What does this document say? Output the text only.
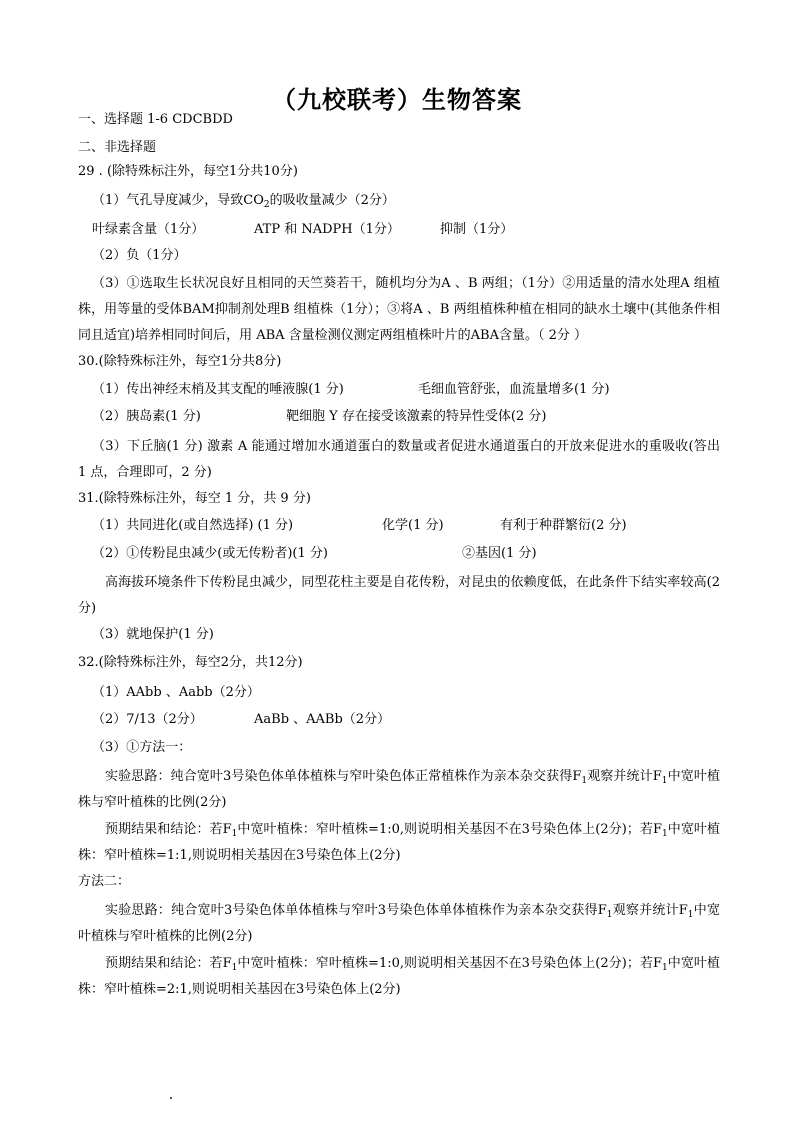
（九校联考）生物答案
一、选择题 1-6 CDCBDD
二、非选择题
29 . (除特殊标注外，每空1分共10分)
（1）气孔导度减少，导致$CO_2$的吸收量减少（2分）
叶绿素含量（1分）	ATP 和 NADPH（1分）	抑制（1分）
（2）负（1分）
（3）①选取生长状况良好且相同的天竺葵若干，随机均分为A 、B 两组；（1分）②用适量的清水处理A 组植株，用等量的受体BAM抑制剂处理B 组植株（1分）；③将A 、B 两组植株种植在相同的缺水土壤中(其他条件相同且适宜)培养相同时间后，用 ABA 含量检测仪测定两组植株叶片的ABA含量。（ 2分 ）
30.(除特殊标注外，每空1分共8分)
（1）传出神经末梢及其支配的唾液腺(1 分)	毛细血管舒张，血流量增多(1 分)
（2）胰岛素(1 分)	靶细胞 Y 存在接受该激素的特异性受体(2 分)
（3）下丘脑(1 分) 激素 A 能通过增加水通道蛋白的数量或者促进水通道蛋白的开放来促进水的重吸收(答出 1 点，合理即可，2 分)
31.(除特殊标注外，每空 1 分，共 9 分)
（1）共同进化(或自然选择) (1 分)	化学(1 分)	有利于种群繁衍(2 分)
（2）①传粉昆虫减少(或无传粉者)(1 分)	②基因(1 分)
高海拔环境条件下传粉昆虫减少，同型花柱主要是自花传粉，对昆虫的依赖度低，在此条件下结实率较高(2 分)
（3）就地保护(1 分)
32.(除特殊标注外，每空2分，共12分)
（1）AAbb 、Aabb（2分）
（2）7/13（2分）	AaBb 、AABb（2分）
（3）①方法一：
实验思路：纯合宽叶3号染色体单体植株与窄叶染色体正常植株作为亲本杂交获得$F_1$观察并统计$F_1$中宽叶植株与窄叶植株的比例(2分)
预期结果和结论：若$F_1$中宽叶植株：窄叶植株=1:0,则说明相关基因不在3号染色体上(2分)；若$F_1$中宽叶植株：窄叶植株=1:1,则说明相关基因在3号染色体上(2分)
方法二：
实验思路：纯合宽叶3号染色体单体植株与窄叶3号染色体单体植株作为亲本杂交获得$F_1$观察并统计$F_1$中宽叶植株与窄叶植株的比例(2分)
预期结果和结论：若$F_1$中宽叶植株：窄叶植株=1:0,则说明相关基因不在3号染色体上(2分)；若$F_1$中宽叶植株：窄叶植株=2:1,则说明相关基因在3号染色体上(2分)
